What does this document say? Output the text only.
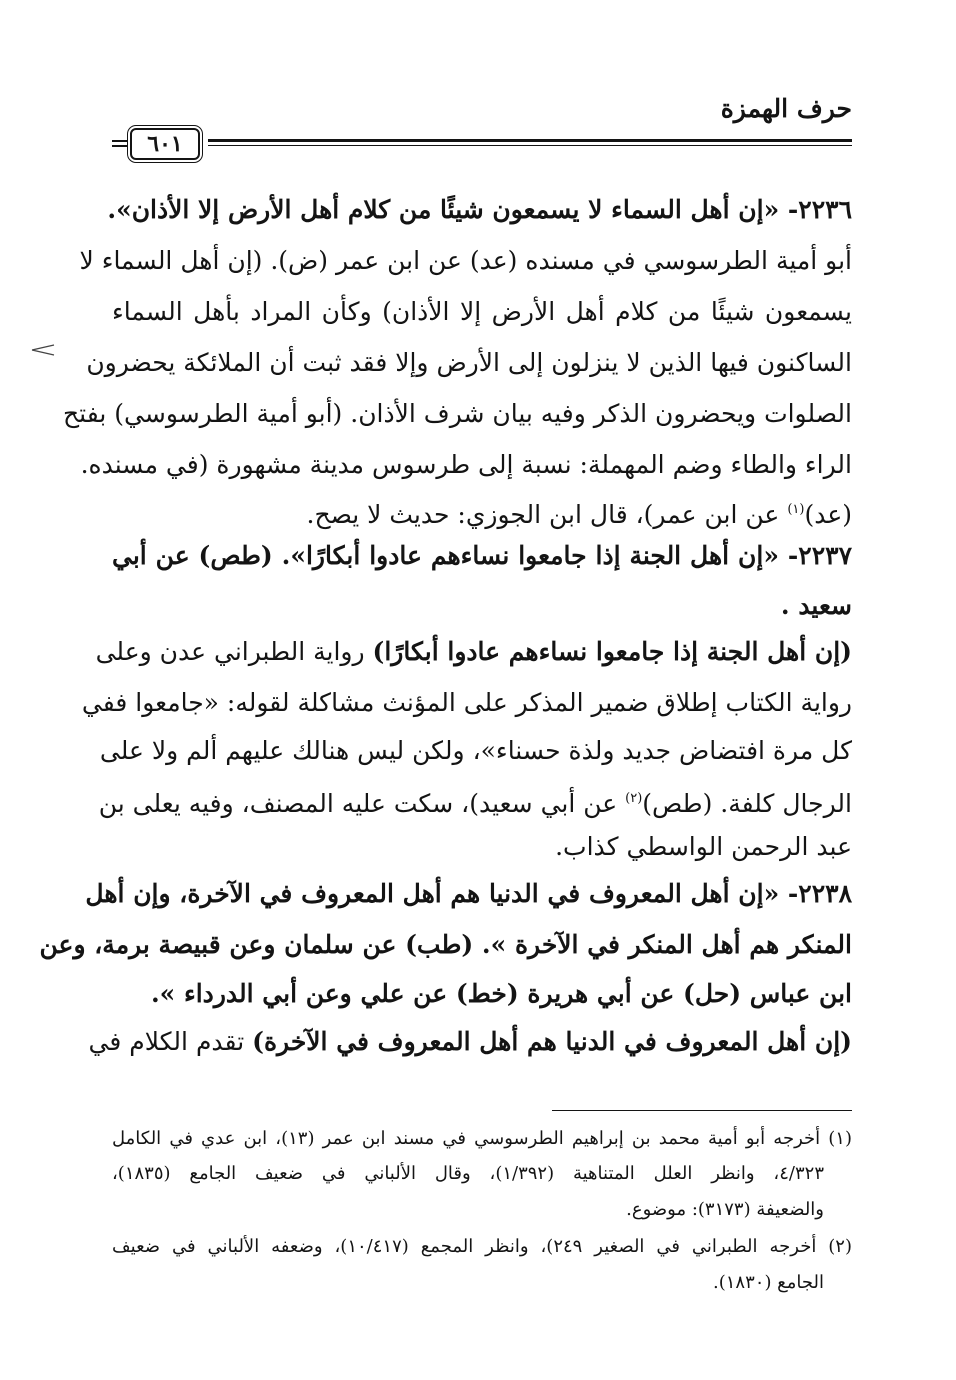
حرف الهمزة
٦٠١
٢٢٣٦- «إن أهل السماء لا يسمعون شيئًا من كلام أهل الأرض إلا الأذان».
أبو أمية الطرسوسي في مسنده (عد) عن ابن عمر (ض). (إن أهل السماء لا
يسمعون شيئًا من كلام أهل الأرض إلا الأذان) وكأن المراد بأهل السماء
الساكنون فيها الذين لا ينزلون إلى الأرض وإلا فقد ثبت أن الملائكة يحضرون
الصلوات ويحضرون الذكر وفيه بيان شرف الأذان. (أبو أمية الطرسوسي) بفتح
الراء والطاء وضم المهملة: نسبة إلى طرسوس مدينة مشهورة (في مسنده.
(عد)$^{(١)}$ عن ابن عمر)، قال ابن الجوزي: حديث لا يصح.
٢٢٣٧- «إن أهل الجنة إذا جامعوا نساءهم عادوا أبكارًا». (طص) عن أبي
سعيد .
(إن أهل الجنة إذا جامعوا نساءهم عادوا أبكارًا) رواية الطبراني عدن وعلى
رواية الكتاب إطلاق ضمير المذكر على المؤنث مشاكلة لقوله: «جامعوا ففي
كل مرة افتضاض جديد ولذة حسناء»، ولكن ليس هنالك عليهم ألم ولا على
الرجال كلفة. (طص)$^{(٢)}$ عن أبي سعيد)، سكت عليه المصنف، وفيه يعلى بن
عبد الرحمن الواسطي كذاب.
٢٢٣٨- «إن أهل المعروف في الدنيا هم أهل المعروف في الآخرة، وإن أهل
المنكر هم أهل المنكر في الآخرة ». (طب) عن سلمان وعن قبيصة برمة، وعن
ابن عباس (حل) عن أبي هريرة (خط) عن علي وعن أبي الدرداء ».
(إن أهل المعروف في الدنيا هم أهل المعروف في الآخرة) تقدم الكلام في
(١) أخرجه أبو أمية محمد بن إبراهيم الطرسوسي في مسند ابن عمر (١٣)، ابن عدي في الكامل
٤/٣٢٣، وانظر العلل المتناهية (١/٣٩٢)، وقال الألباني في ضعيف الجامع (١٨٣٥)،
والضعيفة (٣١٧٣): موضوع.
(٢) أخرجه الطبراني في الصغير ٢٤٩)، وانظر المجمع (١٠/٤١٧)، وضعفه الألباني في ضعيف
الجامع (١٨٣٠).
